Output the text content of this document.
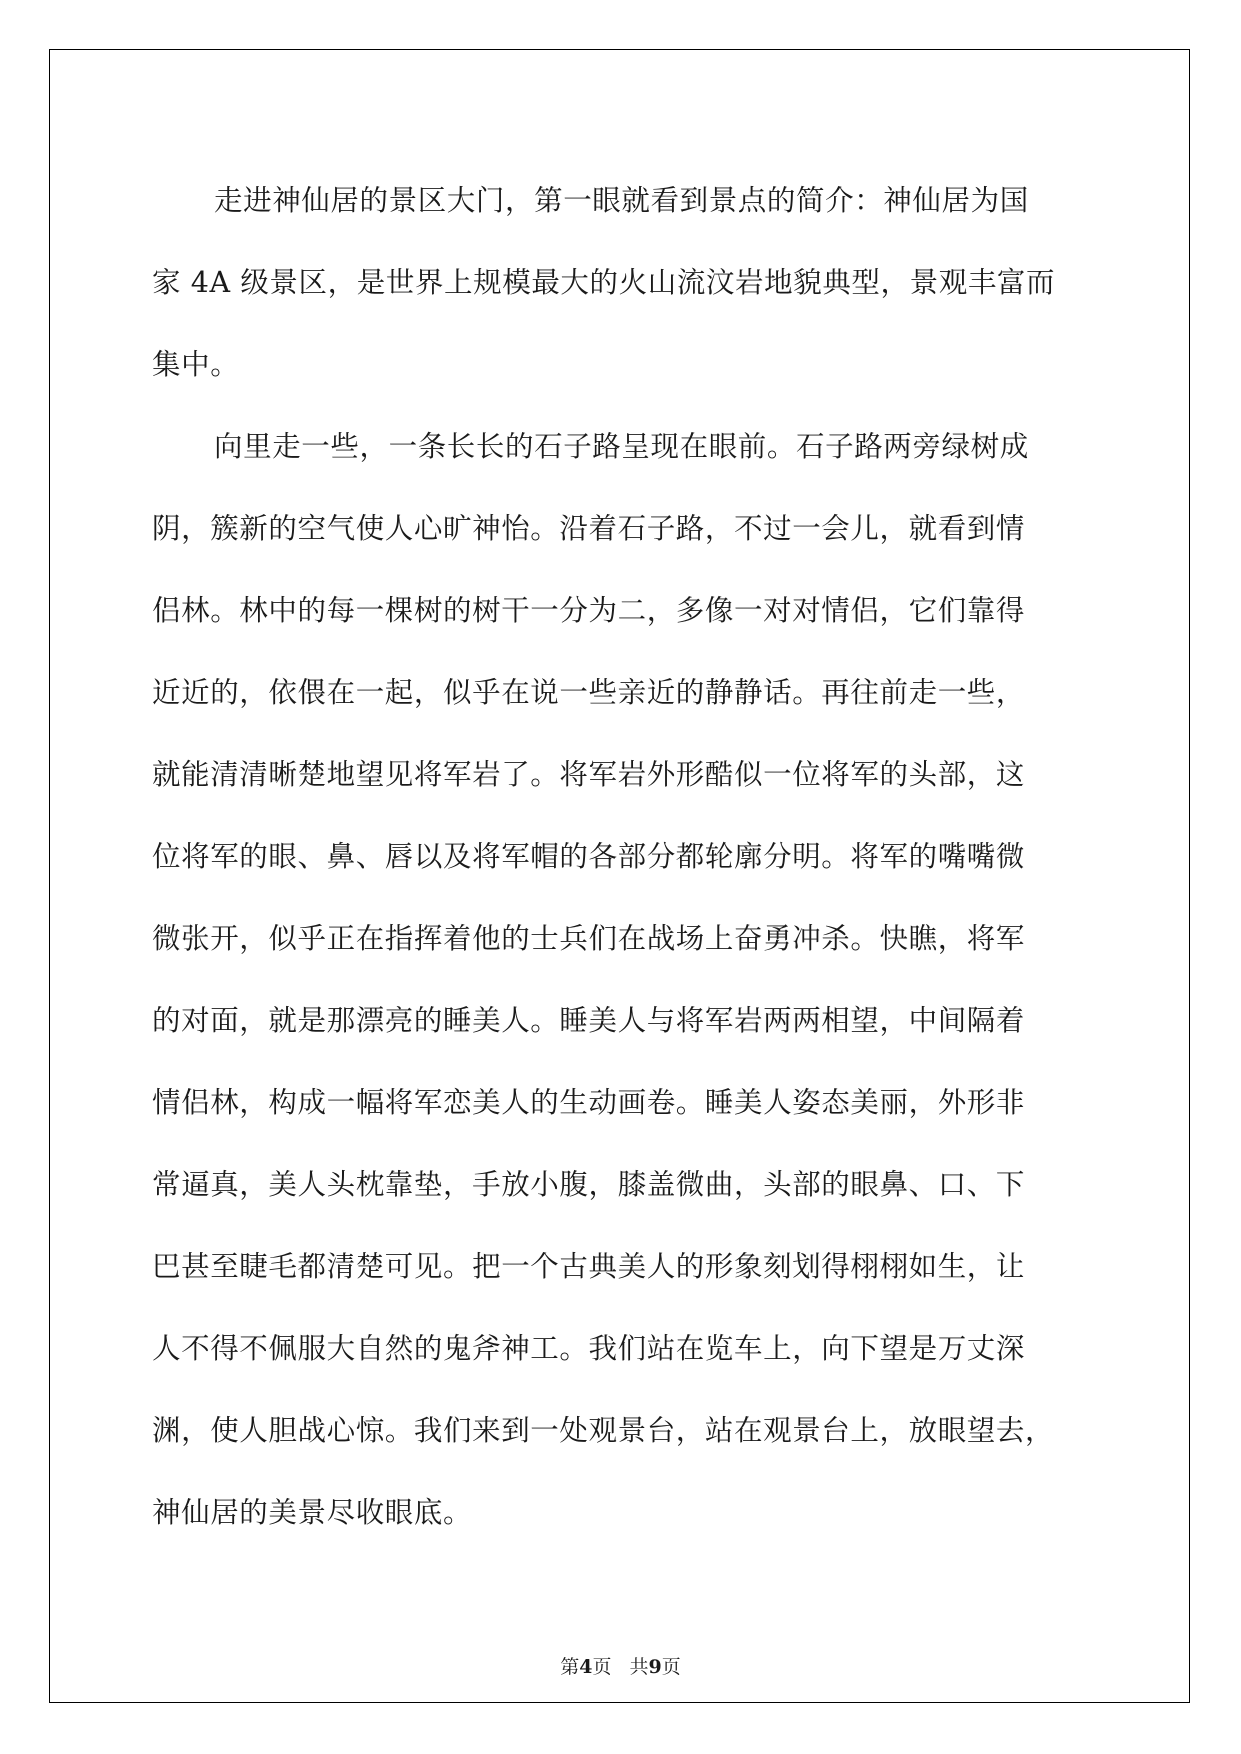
走进神仙居的景区大门，第一眼就看到景点的简介：神仙居为国
家 4A 级景区，是世界上规模最大的火山流汶岩地貌典型，景观丰富而
集中。
向里走一些，一条长长的石子路呈现在眼前。石子路两旁绿树成
阴，簇新的空气使人心旷神怡。沿着石子路，不过一会儿，就看到情
侣林。林中的每一棵树的树干一分为二，多像一对对情侣，它们靠得
近近的，依偎在一起，似乎在说一些亲近的静静话。再往前走一些，
就能清清晰楚地望见将军岩了。将军岩外形酷似一位将军的头部，这
位将军的眼、鼻、唇以及将军帽的各部分都轮廓分明。将军的嘴嘴微
微张开，似乎正在指挥着他的士兵们在战场上奋勇冲杀。快瞧，将军
的对面，就是那漂亮的睡美人。睡美人与将军岩两两相望，中间隔着
情侣林，构成一幅将军恋美人的生动画卷。睡美人姿态美丽，外形非
常逼真，美人头枕靠垫，手放小腹，膝盖微曲，头部的眼鼻、口、下
巴甚至睫毛都清楚可见。把一个古典美人的形象刻划得栩栩如生，让
人不得不佩服大自然的鬼斧神工。我们站在览车上，向下望是万丈深
渊，使人胆战心惊。我们来到一处观景台，站在观景台上，放眼望去，
神仙居的美景尽收眼底。
第4页 共9页
